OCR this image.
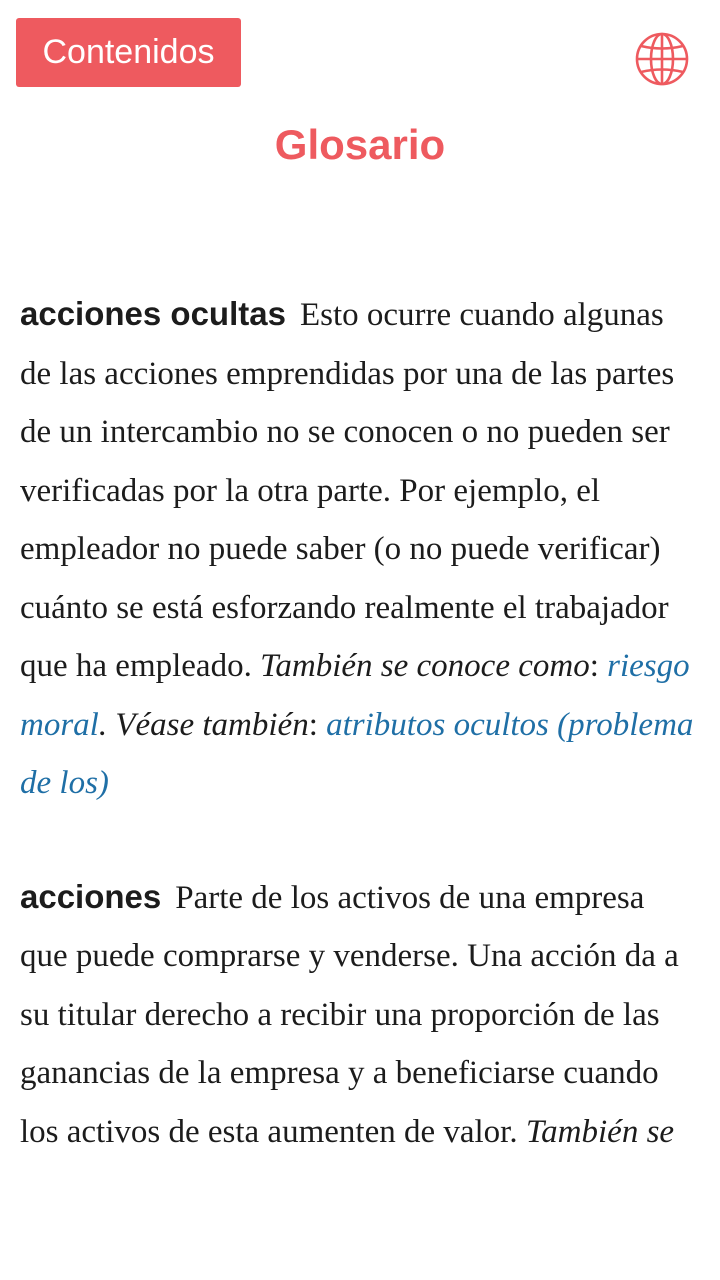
Contenidos
Glosario

acciones ocultas Esto ocurre cuando algunas de las acciones emprendidas por una de las partes de un intercambio no se conocen o no pueden ser verificadas por la otra parte. Por ejemplo, el empleador no puede saber (o no puede verificar) cuánto se está esforzando realmente el trabajador que ha empleado. También se conoce como: riesgo moral. Véase también: atributos ocultos (problema de los)

acciones Parte de los activos de una empresa que puede comprarse y venderse. Una acción da a su titular derecho a recibir una proporción de las ganancias de la empresa y a beneficiarse cuando los activos de esta aumenten de valor. También se
